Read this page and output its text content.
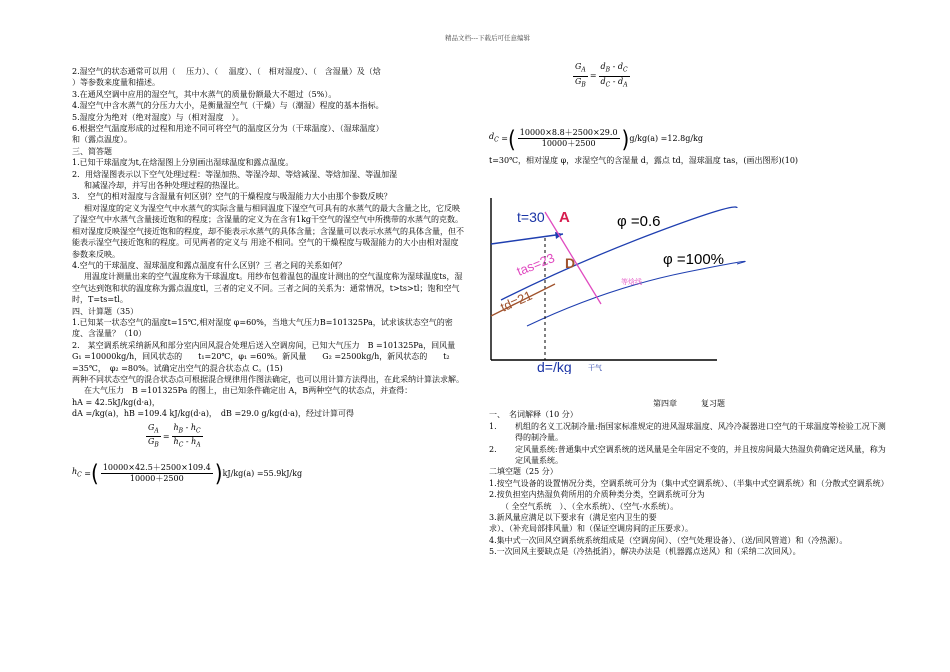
精品文档---下载后可任意编辑
2.湿空气的状态通常可以用（　 压力）、（　 温度）、（　相对湿度）、（　含湿量）及（焓
）等参数来度量和描述。
3.在通风空调中应用的湿空气，其中水蒸气的质量份额最大不超过（5%）。
4.湿空气中含水蒸气的分压力大小，是衡量湿空气（干燥）与（潮湿）程度的基本指标。
5.湿度分为绝对（绝对湿度）与（相对湿度　）。
6.根据空气温度形成的过程和用途不同可将空气的温度区分为（干球温度）、（湿球温度）
和（露点温度）。
三、简答题
1.已知干球温度为t,在焓湿图上分别画出湿球温度和露点温度。
2．用焓湿图表示以下空气处理过程：等湿加热、等湿冷却、等焓减湿、等焓加湿、等温加湿
和减湿冷却，并写出各种处理过程的热湿比。
3.　空气的相对湿度与含湿量有何区别？空气的干燥程度与吸湿能力大小由那个参数反映？
相对湿度的定义为湿空气中水蒸气的实际含量与相同温度下湿空气可具有的水蒸气的最大含量之比，它反映了湿空气中水蒸气含量接近饱和的程度；含湿量的定义为在含有1kg干空气的湿空气中所携带的水蒸气的克数。相对湿度反映湿空气接近饱和的程度，却不能表示水蒸气的具体含量；含湿量可以表示水蒸气的具体含量，但不能表示湿空气接近饱和的程度。可见两者的定义与 用途不相同。空气的干燥程度与吸湿能力的大小由相对湿度参数来反映。
4.空气的干球温度、湿球温度和露点温度有什么区别？三 者之间的关系如何？
用温度计测量出来的空气温度称为干球温度t。用纱布包着温包的温度计测出的空气温度称为湿球温度ts，湿空气达到饱和状的温度称为露点温度tl，三者的定义不同。三者之间的关系为：通常情况，t>ts>tl；饱和空气时，T=ts=tl。
四、计算题（35）
1.已知某一状态空气的温度t=15℃,相对湿度 φ=60%，当地大气压力B=101325Pa，试求该状态空气的密度、含湿量？（10）
2.　某空调系统采纳新风和部分室内回风混合处理后送入空调房间，已知大气压力　B =101325Pa，回风量　G₁ =10000kg/h，回风状态的　　t₁=20℃，φ₁ =60%。新风量　　G₂ =2500kg/h，新风状态的　　t₂ =35℃，　φ₂ =80%。试确定出空气的混合状态点 C。(15)
两种不同状态空气的混合状态点可根据混合规律用作图法确定，也可以用计算方法得出，在此采纳计算法求解。
在大气压力　B =101325Pa 的图上，由已知条件确定出 A，B两种空气的状态点，并查得：
hA = 42.5kJ/kg(d·a)，
dA =/kg(a)，hB =109.4 kJ/kg(d·a)，　dB =29.0 g/kg(d·a)，经过计算可得
$\frac{G_A}{G_B} = \frac{h_B - h_C}{h_C - h_A}$
$h_C$ = ( $\frac{10000\times 42.5+2500\times 109.4}{10000+2500}$ ) kJ/kg(a) =55.9kJ/kg
$\frac{G_A}{G_B} = \frac{d_B - d_C}{d_C - d_A}$
$d_C$ = ( $\frac{10000\times 8.8+2500\times 29.0}{10000+2500}$ ) g/kg(a) =12.8g/kg
t=30℃，相对湿度 φ，求湿空气的含湿量 d，露点 td，湿球温度 tas，(画出图形)(10)
t=30 A	φ =0.6
φ =100%
tas=23 D
td=21
等焓线
d=/kg 干气
第四章　　　复习题
一、　名词解释（10 分）
1.	机组的名义工况制冷量:指国家标准规定的进风湿球温度、风冷冷凝器进口空气的干球温度等检验工况下测得的制冷量。
2.	定风量系统:普通集中式空调系统的送风量是全年固定不变的，并且按房间最大热湿负荷确定送风量，称为定风量系统。
二填空题（25 分）
1.按空气设备的设置情况分类，空调系统可分为（集中式空调系统）、（半集中式空调系统）和（分散式空调系统）
2.按负担室内热湿负荷所用的介质种类分类，空调系统可分为
（ 全空气系统　）、（全水系统）、（空气-水系统）。
3.新风量应满足以下要求有（满足室内卫生的要
求）、（补充局部排风量）和（保证空调房间的正压要求）。
4.集中式一次回风空调系统系统组成是（空调房间）、（空气处理设备）、（送/回风管道）和（冷热源）。
5.一次回风主要缺点是（冷热抵消），解决办法是（机器露点送风）和（采纳二次回风）。
